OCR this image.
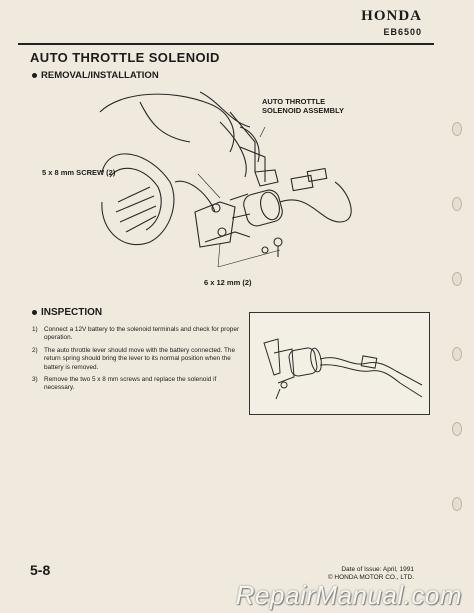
HONDA
EB6500
AUTO THROTTLE SOLENOID
REMOVAL/INSTALLATION
AUTO THROTTLE
SOLENOID ASSEMBLY
5 x 8 mm SCREW (2)
6 x 12 mm (2)
INSPECTION
1) Connect a 12V battery to the solenoid terminals and check for proper operation.
2) The auto throttle lever should move with the battery connected. The return spring should bring the lever to its normal position when the battery is removed.
3) Remove the two 5 x 8 mm screws and replace the solenoid if necessary.
5-8	Date of Issue: April, 1991
© HONDA MOTOR CO., LTD.
RepairManual.com
